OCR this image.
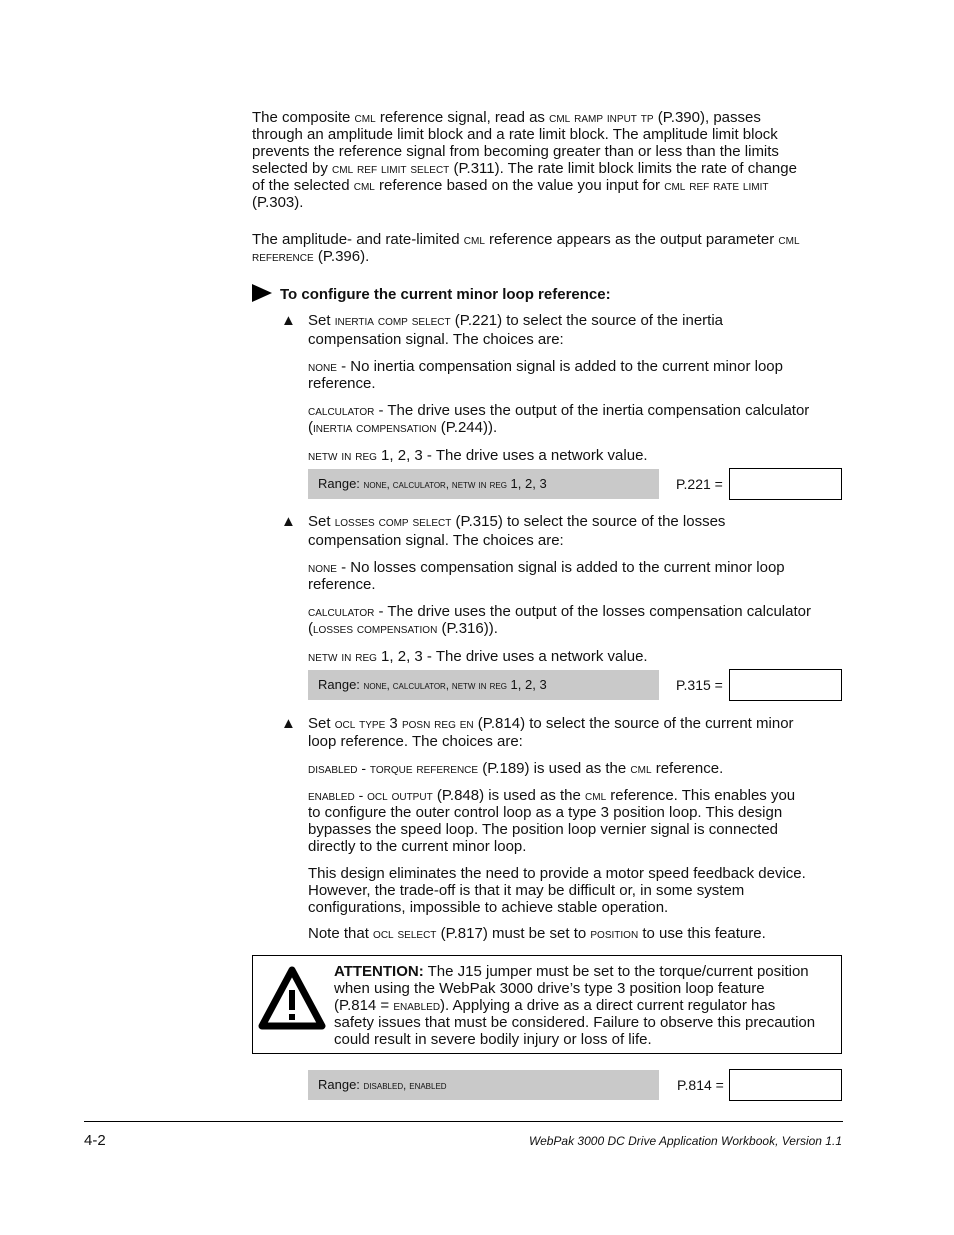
The composite cml reference signal, read as cml ramp input tp (P.390), passes
through an amplitude limit block and a rate limit block. The amplitude limit block
prevents the reference signal from becoming greater than or less than the limits
selected by cml ref limit select (P.311). The rate limit block limits the rate of change
of the selected cml reference based on the value you input for cml ref rate limit
(P.303).
The amplitude- and rate-limited cml reference appears as the output parameter cml
reference (P.396).
To configure the current minor loop reference:
▲ Set inertia comp select (P.221) to select the source of the inertia
compensation signal. The choices are:
none - No inertia compensation signal is added to the current minor loop
reference.
calculator - The drive uses the output of the inertia compensation calculator
(inertia compensation (P.244)).
netw in reg 1, 2, 3 - The drive uses a network value.
Range: none, calculator, netw in reg 1, 2, 3	P.221 =
▲ Set losses comp select (P.315) to select the source of the losses
compensation signal. The choices are:
none - No losses compensation signal is added to the current minor loop
reference.
calculator - The drive uses the output of the losses compensation calculator
(losses compensation (P.316)).
netw in reg 1, 2, 3 - The drive uses a network value.
Range: none, calculator, netw in reg 1, 2, 3	P.315 =
▲ Set ocl type 3 posn reg en (P.814) to select the source of the current minor
loop reference. The choices are:
disabled - torque reference (P.189) is used as the cml reference.
enabled - ocl output (P.848) is used as the cml reference. This enables you
to configure the outer control loop as a type 3 position loop. This design
bypasses the speed loop. The position loop vernier signal is connected
directly to the current minor loop.
This design eliminates the need to provide a motor speed feedback device.
However, the trade-off is that it may be difficult or, in some system
configurations, impossible to achieve stable operation.
Note that ocl select (P.817) must be set to position to use this feature.
ATTENTION: The J15 jumper must be set to the torque/current position
when using the WebPak 3000 drive’s type 3 position loop feature
(P.814 = enabled). Applying a drive as a direct current regulator has
safety issues that must be considered. Failure to observe this precaution
could result in severe bodily injury or loss of life.
Range: disabled, enabled	P.814 =
4-2	WebPak 3000 DC Drive Application Workbook, Version 1.1
